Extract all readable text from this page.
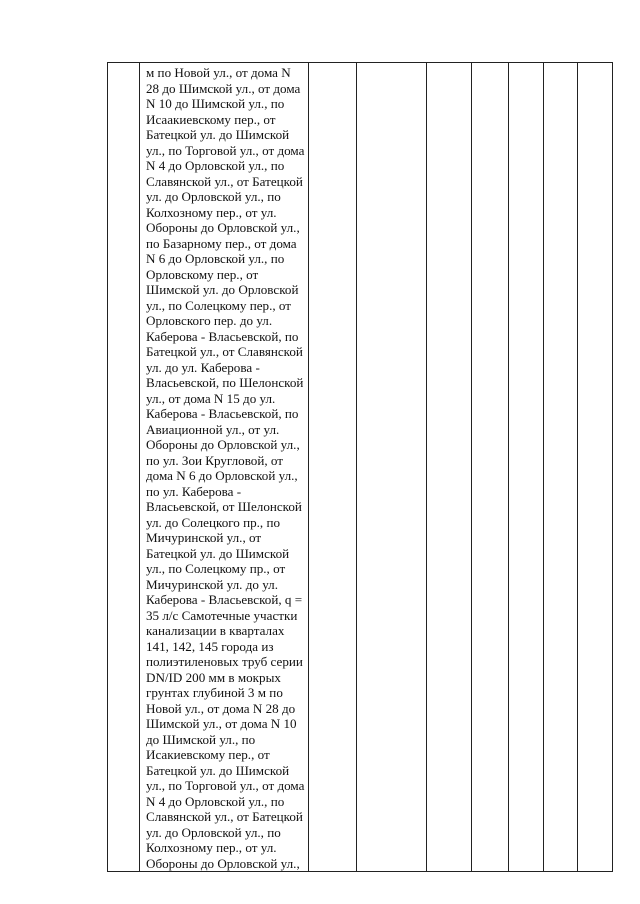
м по Новой ул., от дома N
28 до Шимской ул., от дома
N 10 до Шимской ул., по
Исаакиевскому пер., от
Батецкой ул. до Шимской
ул., по Торговой ул., от дома
N 4 до Орловской ул., по
Славянской ул., от Батецкой
ул. до Орловской ул., по
Колхозному пер., от ул.
Обороны до Орловской ул.,
по Базарному пер., от дома
N 6 до Орловской ул., по
Орловскому пер., от
Шимской ул. до Орловской
ул., по Солецкому пер., от
Орловского пер. до ул.
Каберова - Власьевской, по
Батецкой ул., от Славянской
ул. до ул. Каберова -
Власьевской, по Шелонской
ул., от дома N 15 до ул.
Каберова - Власьевской, по
Авиационной ул., от ул.
Обороны до Орловской ул.,
по ул. Зои Кругловой, от
дома N 6 до Орловской ул.,
по ул. Каберова -
Власьевской, от Шелонской
ул. до Солецкого пр., по
Мичуринской ул., от
Батецкой ул. до Шимской
ул., по Солецкому пр., от
Мичуринской ул. до ул.
Каберова - Власьевской, q =
35 л/с Самотечные участки
канализации в кварталах
141, 142, 145 города из
полиэтиленовых труб серии
DN/ID 200 мм в мокрых
грунтах глубиной 3 м по
Новой ул., от дома N 28 до
Шимской ул., от дома N 10
до Шимской ул., по
Исакиевскому пер., от
Батецкой ул. до Шимской
ул., по Торговой ул., от дома
N 4 до Орловской ул., по
Славянской ул., от Батецкой
ул. до Орловской ул., по
Колхозному пер., от ул.
Обороны до Орловской ул.,
